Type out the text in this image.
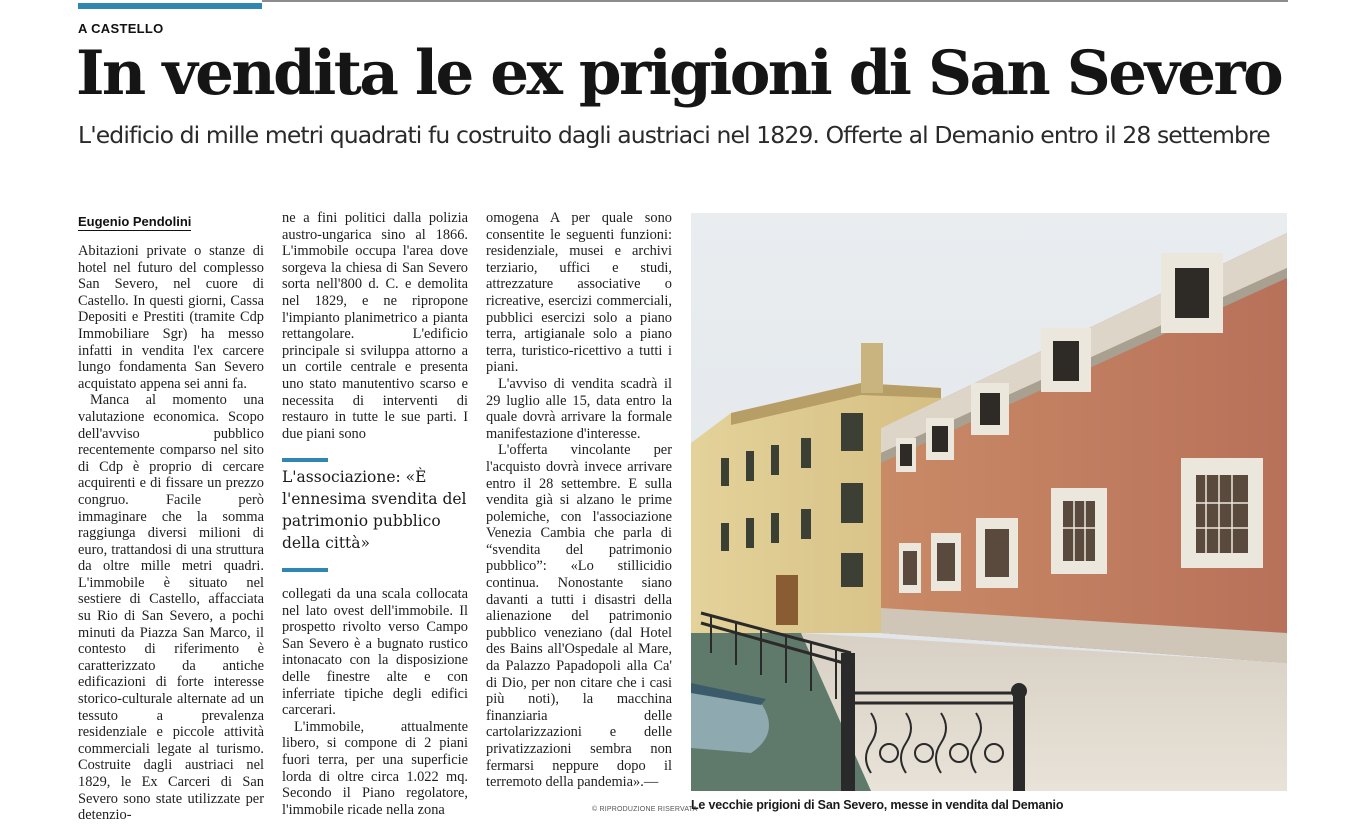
A CASTELLO
In vendita le ex prigioni di San Severo
L'edificio di mille metri quadrati fu costruito dagli austriaci nel 1829. Offerte al Demanio entro il 28 settembre
Eugenio Pendolini

Abitazioni private o stanze di hotel nel futuro del complesso San Severo, nel cuore di Castello. In questi giorni, Cassa Depositi e Prestiti (tramite Cdp Immobiliare Sgr) ha messo infatti in vendita l'ex carcere lungo fondamenta San Severo acquistato appena sei anni fa.

Manca al momento una valutazione economica. Scopo dell'avviso pubblico recentemente comparso nel sito di Cdp è proprio di cercare acquirenti e di fissare un prezzo congruo. Facile però immaginare che la somma raggiunga diversi milioni di euro, trattandosi di una struttura da oltre mille metri quadri. L'immobile è situato nel sestiere di Castello, affacciata su Rio di San Severo, a pochi minuti da Piazza San Marco, il contesto di riferimento è caratterizzato da antiche edificazioni di forte interesse storico-culturale alternate ad un tessuto a prevalenza residenziale e piccole attività commerciali legate al turismo. Costruite dagli austriaci nel 1829, le Ex Carceri di San Severo sono state utilizzate per detenzio-

ne a fini politici dalla polizia austro-ungarica sino al 1866. L'immobile occupa l'area dove sorgeva la chiesa di San Severo sorta nell'800 d. C. e demolita nel 1829, e ne ripropone l'impianto planimetrico a pianta rettangolare. L'edificio principale si sviluppa attorno a un cortile centrale e presenta uno stato manutentivo scarso e necessita di interventi di restauro in tutte le sue parti. I due piani sono

L'associazione: «È l'ennesima svendita del patrimonio pubblico della città»

collegati da una scala collocata nel lato ovest dell'immobile. Il prospetto rivolto verso Campo San Severo è a bugnato rustico intonacato con la disposizione delle finestre alte e con inferriate tipiche degli edifici carcerari.

L'immobile, attualmente libero, si compone di 2 piani fuori terra, per una superficie lorda di oltre circa 1.022 mq. Secondo il Piano regolatore, l'immobile ricade nella zona

omogena A per quale sono consentite le seguenti funzioni: residenziale, musei e archivi terziario, uffici e studi, attrezzature associative o ricreative, esercizi commerciali, pubblici esercizi solo a piano terra, artigianale solo a piano terra, turistico-ricettivo a tutti i piani.

L'avviso di vendita scadrà il 29 luglio alle 15, data entro la quale dovrà arrivare la formale manifestazione d'interesse.

L'offerta vincolante per l'acquisto dovrà invece arrivare entro il 28 settembre. E sulla vendita già si alzano le prime polemiche, con l'associazione Venezia Cambia che parla di “svendita del patrimonio pubblico”: «Lo stillicidio continua. Nonostante siano davanti a tutti i disastri della alienazione del patrimonio pubblico veneziano (dal Hotel des Bains all'Ospedale al Mare, da Palazzo Papadopoli alla Ca' di Dio, per non citare che i casi più noti), la macchina finanziaria delle cartolarizzazioni e delle privatizzazioni sembra non fermarsi neppure dopo il terremoto della pandemia».—

© RIPRODUZIONE RISERVATA
Le vecchie prigioni di San Severo, messe in vendita dal Demanio
